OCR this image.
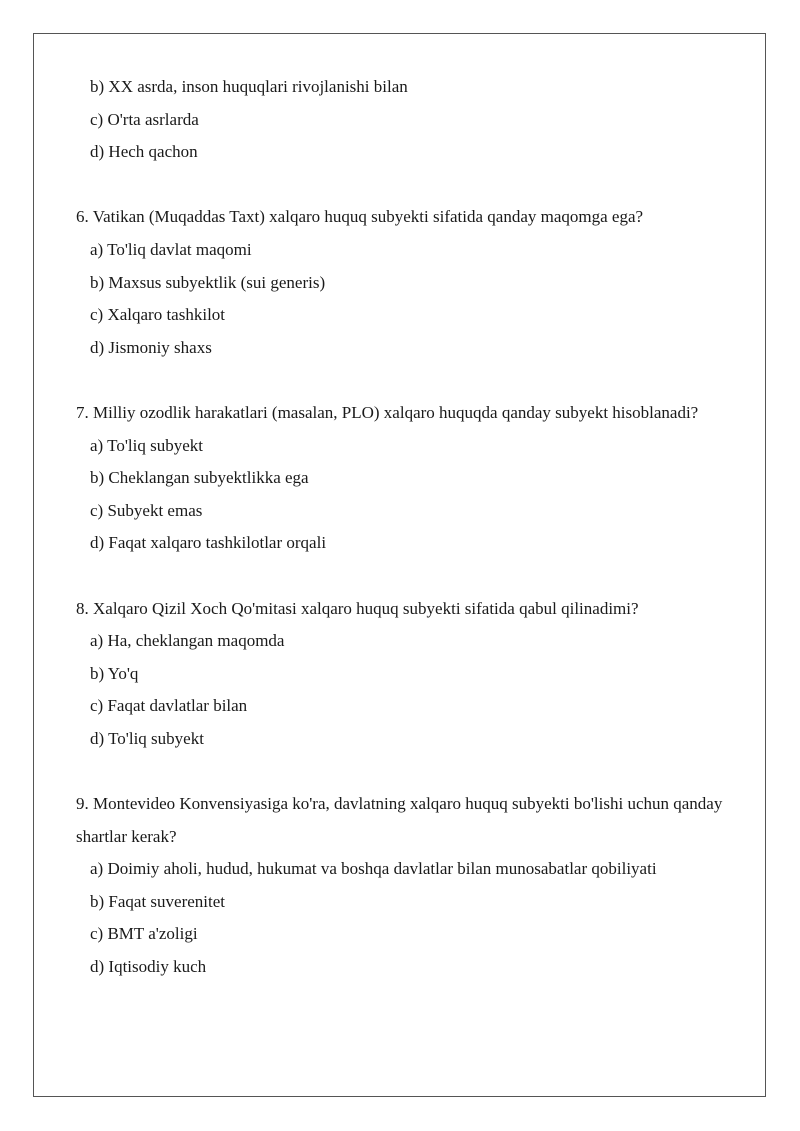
b) XX asrda, inson huquqlari rivojlanishi bilan
c) O'rta asrlarda
d) Hech qachon

6. Vatikan (Muqaddas Taxt) xalqaro huquq subyekti sifatida qanday maqomga ega?

a) To'liq davlat maqomi
b) Maxsus subyektlik (sui generis)
c) Xalqaro tashkilot
d) Jismoniy shaxs

7. Milliy ozodlik harakatlari (masalan, PLO) xalqaro huquqda qanday subyekt hisoblanadi?

a) To'liq subyekt
b) Cheklangan subyektlikka ega
c) Subyekt emas
d) Faqat xalqaro tashkilotlar orqali

8. Xalqaro Qizil Xoch Qo'mitasi xalqaro huquq subyekti sifatida qabul qilinadimi?

a) Ha, cheklangan maqomda
b) Yo'q
c) Faqat davlatlar bilan
d) To'liq subyekt

9. Montevideo Konvensiyasiga ko'ra, davlatning xalqaro huquq subyekti bo'lishi uchun qanday shartlar kerak?

a) Doimiy aholi, hudud, hukumat va boshqa davlatlar bilan munosabatlar qobiliyati
b) Faqat suverenitet
c) BMT a'zoligi
d) Iqtisodiy kuch
